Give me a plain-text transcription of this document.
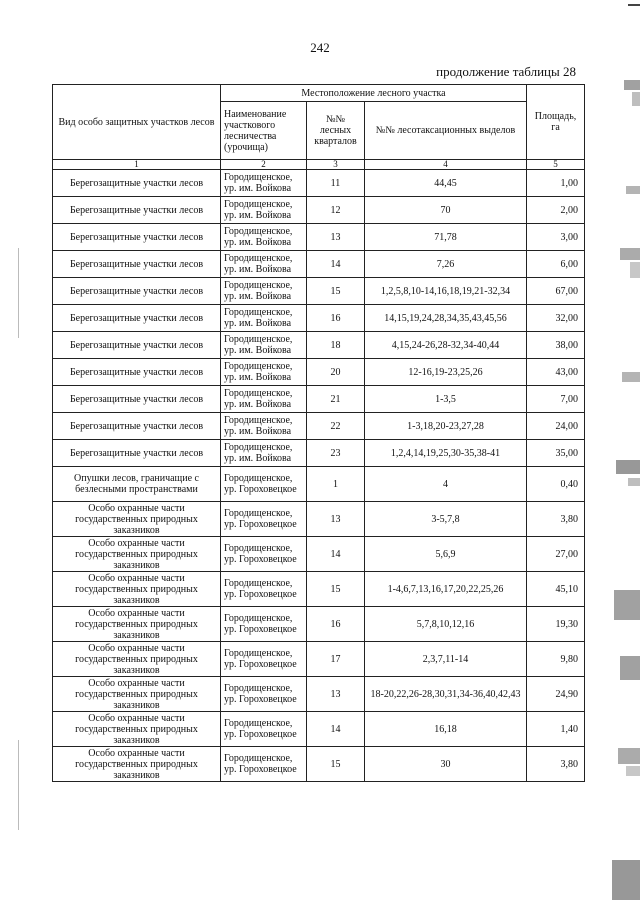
242
продолжение таблицы 28
Вид особо защитных участков лесов	Местоположение лесного участка			Площадь, га
	Наименование участкового лесничества (урочища)	№№ лесных кварталов	№№ лесотаксационных выделов	
1	2	3	4	5
Берегозащитные участки лесов	Городищенское, ур. им. Войкова	11	44,45	1,00
Берегозащитные участки лесов	Городищенское, ур. им. Войкова	12	70	2,00
Берегозащитные участки лесов	Городищенское, ур. им. Войкова	13	71,78	3,00
Берегозащитные участки лесов	Городищенское, ур. им. Войкова	14	7,26	6,00
Берегозащитные участки лесов	Городищенское, ур. им. Войкова	15	1,2,5,8,10-14,16,18,19,21-32,34	67,00
Берегозащитные участки лесов	Городищенское, ур. им. Войкова	16	14,15,19,24,28,34,35,43,45,56	32,00
Берегозащитные участки лесов	Городищенское, ур. им. Войкова	18	4,15,24-26,28-32,34-40,44	38,00
Берегозащитные участки лесов	Городищенское, ур. им. Войкова	20	12-16,19-23,25,26	43,00
Берегозащитные участки лесов	Городищенское, ур. им. Войкова	21	1-3,5	7,00
Берегозащитные участки лесов	Городищенское, ур. им. Войкова	22	1-3,18,20-23,27,28	24,00
Берегозащитные участки лесов	Городищенское, ур. им. Войкова	23	1,2,4,14,19,25,30-35,38-41	35,00
Опушки лесов, граничащие с безлесными пространствами	Городищенское, ур. Гороховецкое	1	4	0,40
Особо охранные части государственных природных заказников	Городищенское, ур. Гороховецкое	13	3-5,7,8	3,80
Особо охранные части государственных природных заказников	Городищенское, ур. Гороховецкое	14	5,6,9	27,00
Особо охранные части государственных природных заказников	Городищенское, ур. Гороховецкое	15	1-4,6,7,13,16,17,20,22,25,26	45,10
Особо охранные части государственных природных заказников	Городищенское, ур. Гороховецкое	16	5,7,8,10,12,16	19,30
Особо охранные части государственных природных заказников	Городищенское, ур. Гороховецкое	17	2,3,7,11-14	9,80
Особо охранные части государственных природных заказников	Городищенское, ур. Гороховецкое	13	18-20,22,26-28,30,31,34-36,40,42,43	24,90
Особо охранные части государственных природных заказников	Городищенское, ур. Гороховецкое	14	16,18	1,40
Особо охранные части государственных природных заказников	Городищенское, ур. Гороховецкое	15	30	3,80
